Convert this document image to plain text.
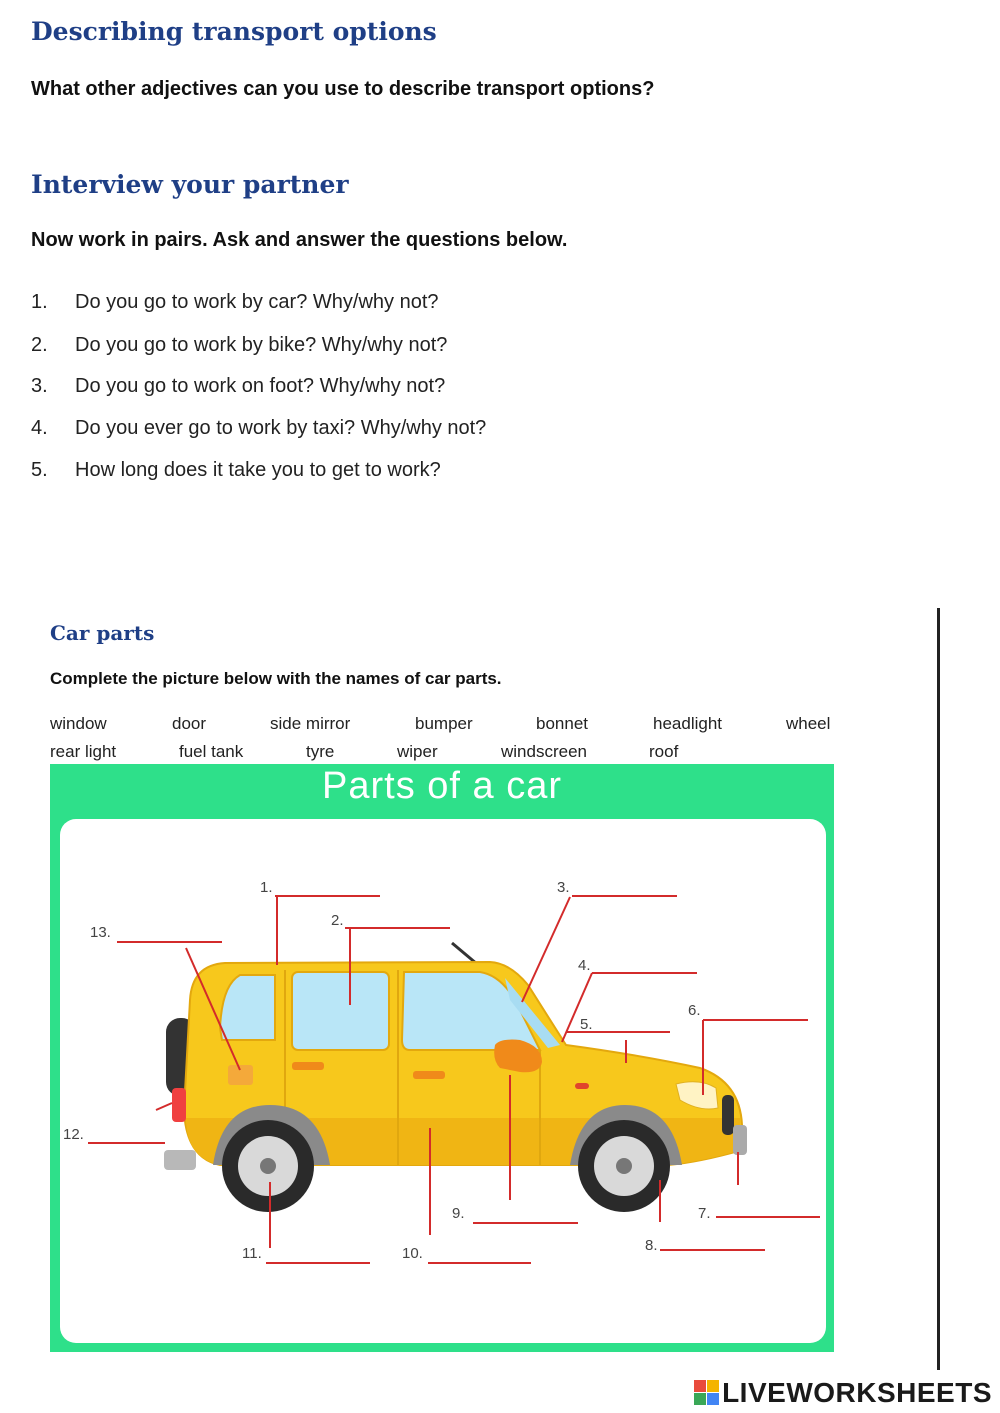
Describing transport options
What other adjectives can you use to describe transport options?
Interview your partner
Now work in pairs. Ask and answer the questions below.
1. Do you go to work by car? Why/why not?
2. Do you go to work by bike? Why/why not?
3. Do you go to work on foot? Why/why not?
4. Do you ever go to work by taxi? Why/why not?
5. How long does it take you to get to work?
Car parts
Complete the picture below with the names of car parts.
window	door	side mirror	bumper	bonnet	headlight	wheel
rear light	fuel tank	tyre	wiper	windscreen	roof
Parts of a car
1.
2.
3.
4.
5.
6.
7.
8.
9.
10.
11.
12.
13.
LIVEWORKSHEETS
